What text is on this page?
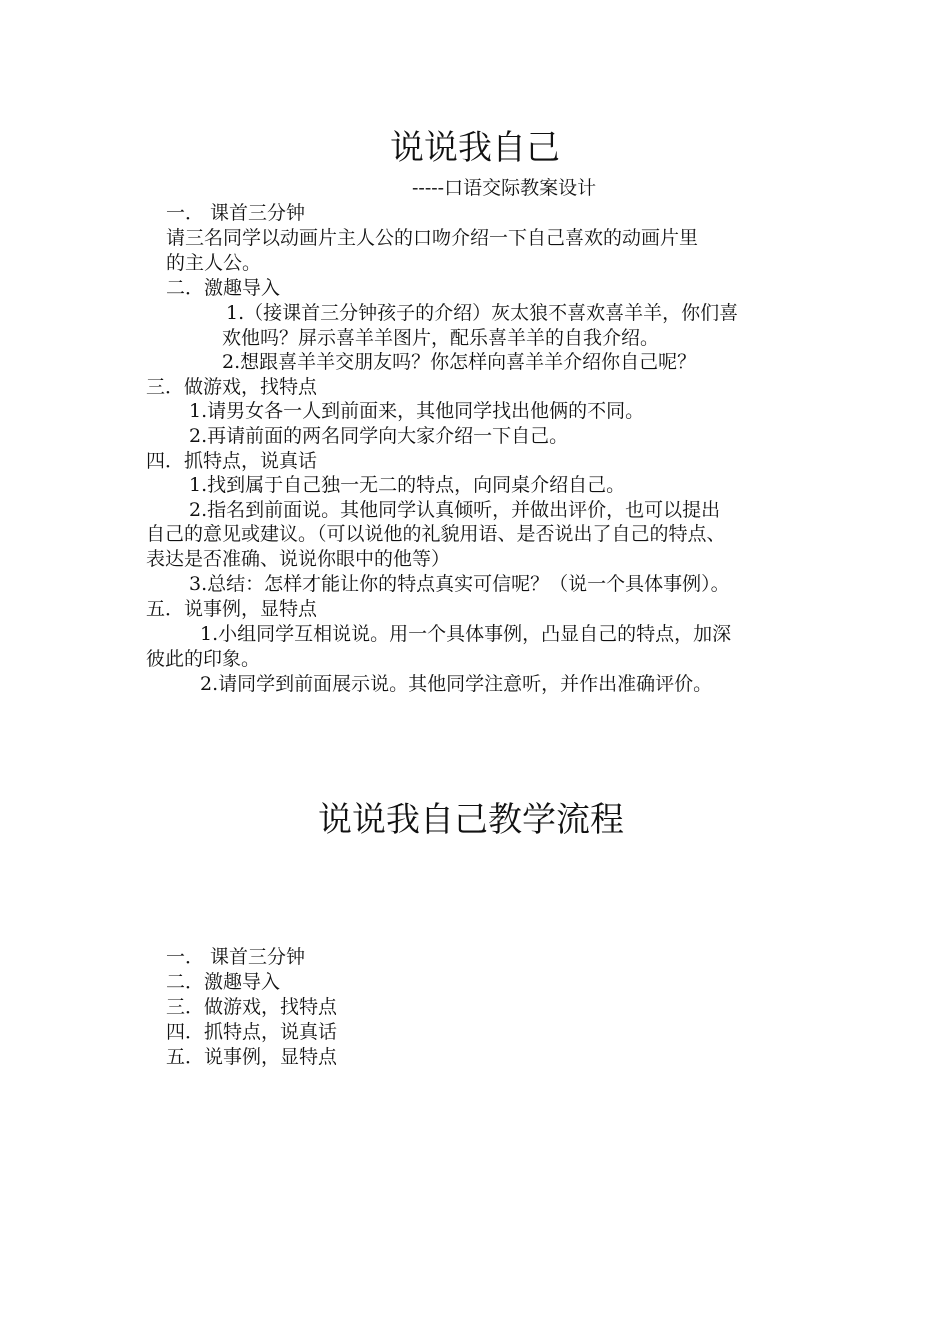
说说我自己

-----口语交际教案设计

一． 课首三分钟

请三名同学以动画片主人公的口吻介绍一下自己喜欢的动画片里

的主人公。

二．激趣导入

1.（接课首三分钟孩子的介绍）灰太狼不喜欢喜羊羊，你们喜

欢他吗？屏示喜羊羊图片，配乐喜羊羊的自我介绍。

2.想跟喜羊羊交朋友吗？你怎样向喜羊羊介绍你自己呢？

三．做游戏，找特点

1.请男女各一人到前面来，其他同学找出他俩的不同。

2.再请前面的两名同学向大家介绍一下自己。

四．抓特点，说真话

1.找到属于自己独一无二的特点，向同桌介绍自己。

2.指名到前面说。其他同学认真倾听，并做出评价，也可以提出

自己的意见或建议。（可以说他的礼貌用语、是否说出了自己的特点、

表达是否准确、说说你眼中的他等）

3.总结：怎样才能让你的特点真实可信呢？（说一个具体事例）。

五．说事例，显特点

1.小组同学互相说说。用一个具体事例，凸显自己的特点，加深

彼此的印象。

2.请同学到前面展示说。其他同学注意听，并作出准确评价。

说说我自己教学流程

一． 课首三分钟

二．激趣导入

三．做游戏，找特点

四．抓特点，说真话

五．说事例，显特点
